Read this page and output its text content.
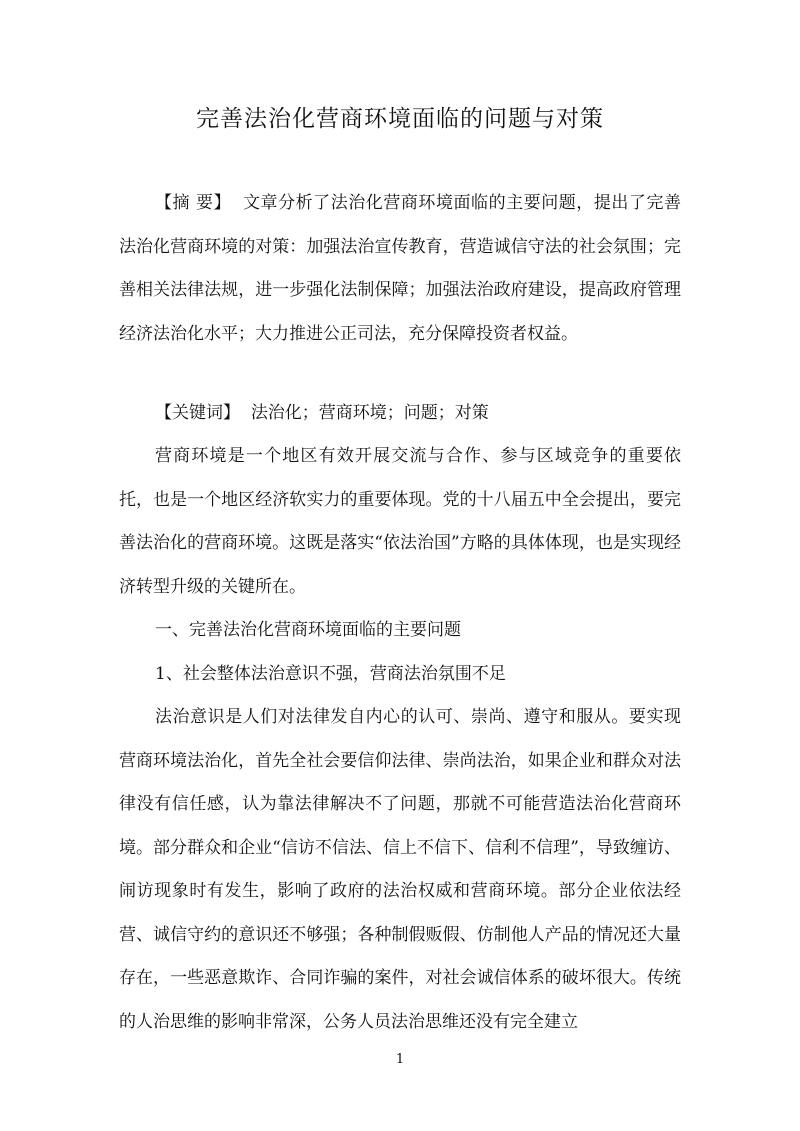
完善法治化营商环境面临的问题与对策

【摘 要】 文章分析了法治化营商环境面临的主要问题，提出了完善法治化营商环境的对策：加强法治宣传教育，营造诚信守法的社会氛围；完善相关法律法规，进一步强化法制保障；加强法治政府建设，提高政府管理经济法治化水平；大力推进公正司法，充分保障投资者权益。

【关键词】 法治化；营商环境；问题；对策

营商环境是一个地区有效开展交流与合作、参与区域竞争的重要依托，也是一个地区经济软实力的重要体现。党的十八届五中全会提出，要完善法治化的营商环境。这既是落实“依法治国”方略的具体体现，也是实现经济转型升级的关键所在。

一、完善法治化营商环境面临的主要问题

1、社会整体法治意识不强，营商法治氛围不足

法治意识是人们对法律发自内心的认可、崇尚、遵守和服从。要实现营商环境法治化，首先全社会要信仰法律、崇尚法治，如果企业和群众对法律没有信任感，认为靠法律解决不了问题，那就不可能营造法治化营商环境。部分群众和企业“信访不信法、信上不信下、信利不信理”，导致缠访、闹访现象时有发生，影响了政府的法治权威和营商环境。部分企业依法经营、诚信守约的意识还不够强；各种制假贩假、仿制他人产品的情况还大量存在，一些恶意欺诈、合同诈骗的案件，对社会诚信体系的破坏很大。传统的人治思维的影响非常深，公务人员法治思维还没有完全建立

1
